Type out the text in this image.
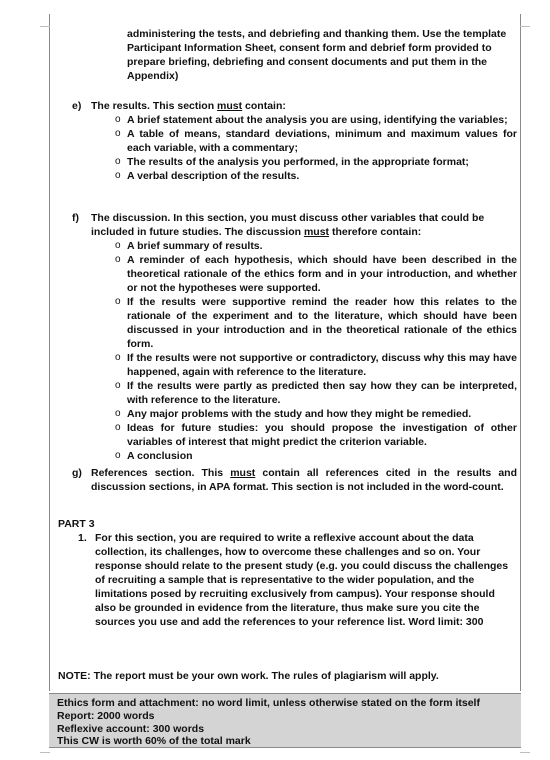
administering the tests, and debriefing and thanking them. Use the template
Participant Information Sheet, consent form and debrief form provided to
prepare briefing, debriefing and consent documents and put them in the
Appendix)
e) The results. This section must contain:
o A brief statement about the analysis you are using, identifying the variables;
o A table of means, standard deviations, minimum and maximum values for each variable, with a commentary;
o The results of the analysis you performed, in the appropriate format;
o A verbal description of the results.
f) The discussion. In this section, you must discuss other variables that could be included in future studies. The discussion must therefore contain:
o A brief summary of results.
o A reminder of each hypothesis, which should have been described in the theoretical rationale of the ethics form and in your introduction, and whether or not the hypotheses were supported.
o If the results were supportive remind the reader how this relates to the rationale of the experiment and to the literature, which should have been discussed in your introduction and in the theoretical rationale of the ethics form.
o If the results were not supportive or contradictory, discuss why this may have happened, again with reference to the literature.
o If the results were partly as predicted then say how they can be interpreted, with reference to the literature.
o Any major problems with the study and how they might be remedied.
o Ideas for future studies: you should propose the investigation of other variables of interest that might predict the criterion variable.
o A conclusion
g) References section. This must contain all references cited in the results and discussion sections, in APA format. This section is not included in the word-count.
PART 3
1. For this section, you are required to write a reflexive account about the data
collection, its challenges, how to overcome these challenges and so on. Your
response should relate to the present study (e.g. you could discuss the challenges
of recruiting a sample that is representative to the wider population, and the
limitations posed by recruiting exclusively from campus). Your response should
also be grounded in evidence from the literature, thus make sure you cite the
sources you use and add the references to your reference list. Word limit: 300
NOTE: The report must be your own work. The rules of plagiarism will apply.
Ethics form and attachment: no word limit, unless otherwise stated on the form itself
Report: 2000 words
Reflexive account: 300 words
This CW is worth 60% of the total mark
